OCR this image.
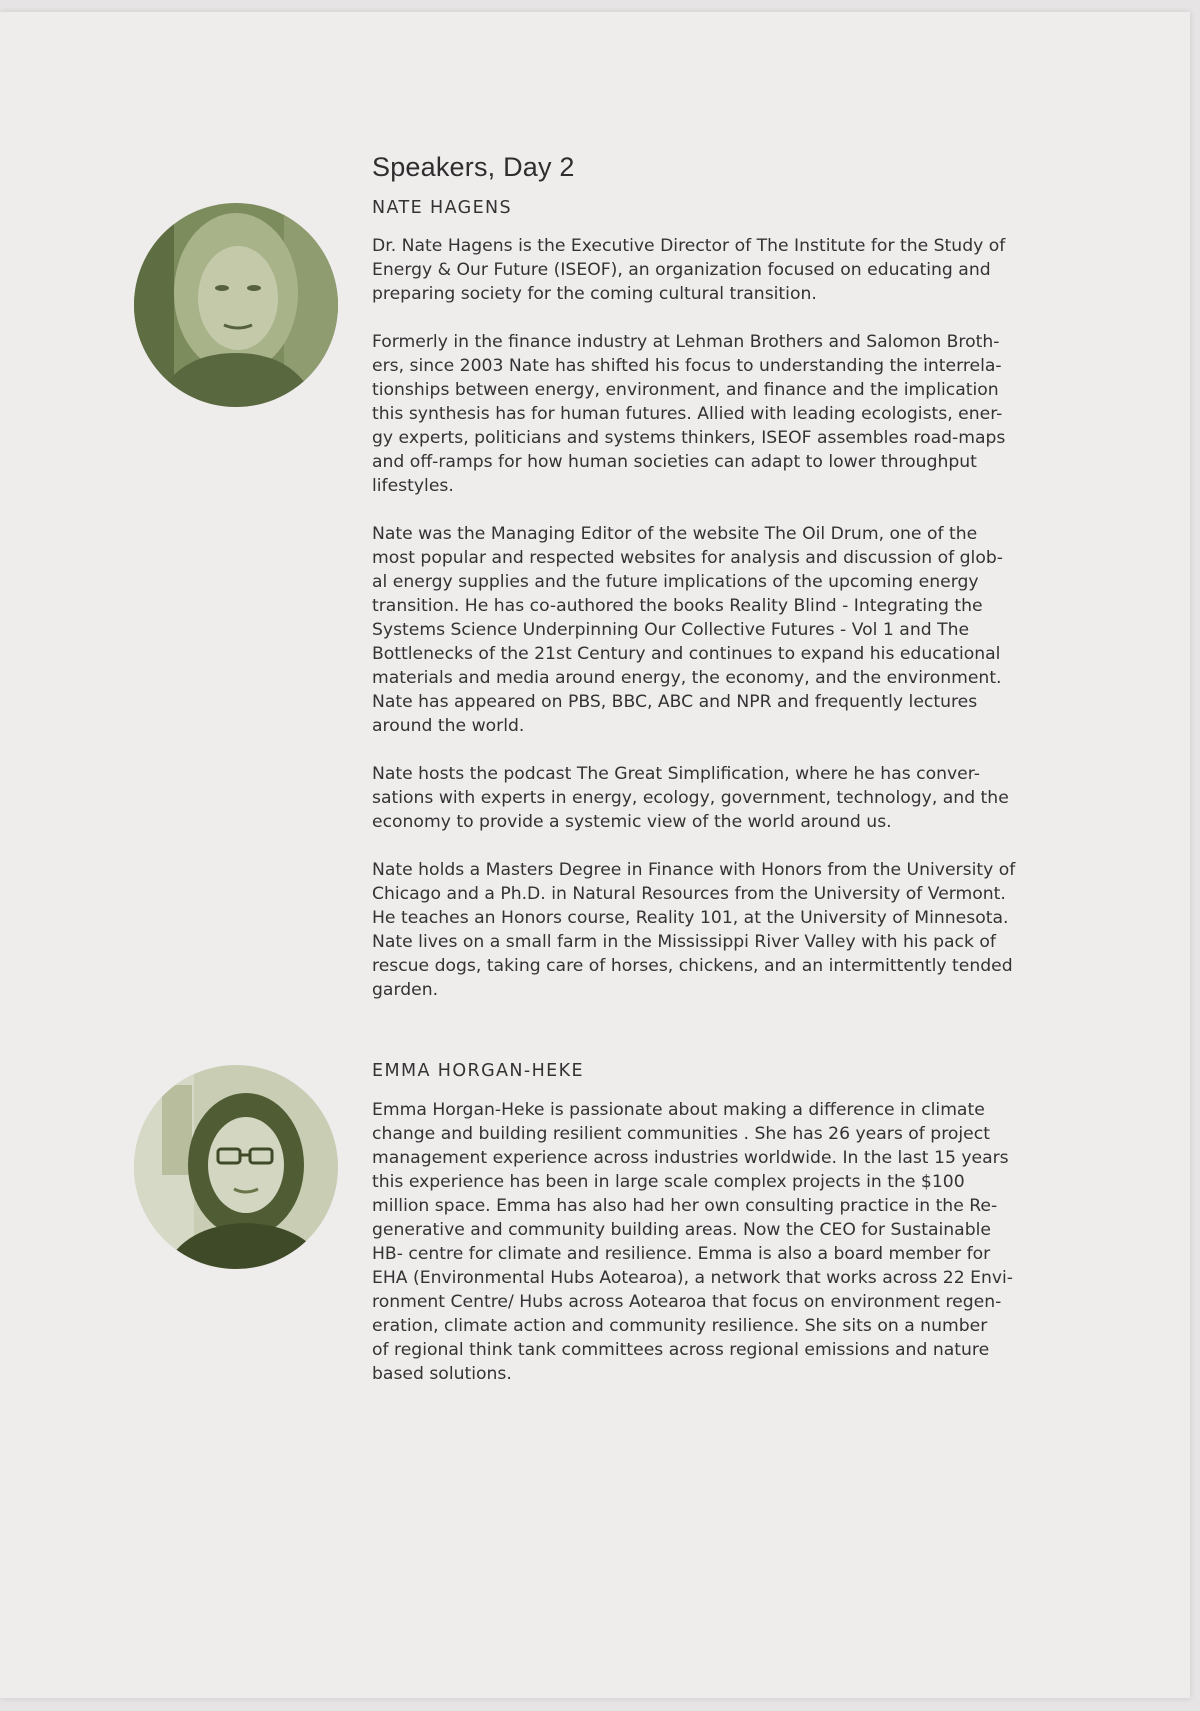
Speakers, Day 2
NATE HAGENS

Dr. Nate Hagens is the Executive Director of The Institute for the Study of
Energy & Our Future (ISEOF), an organization focused on educating and
preparing society for the coming cultural transition.

Formerly in the finance industry at Lehman Brothers and Salomon Broth-
ers, since 2003 Nate has shifted his focus to understanding the interrela-
tionships between energy, environment, and finance and the implication
this synthesis has for human futures. Allied with leading ecologists, ener-
gy experts, politicians and systems thinkers, ISEOF assembles road-maps
and off-ramps for how human societies can adapt to lower throughput
lifestyles.

Nate was the Managing Editor of the website The Oil Drum, one of the
most popular and respected websites for analysis and discussion of glob-
al energy supplies and the future implications of the upcoming energy
transition. He has co-authored the books Reality Blind - Integrating the
Systems Science Underpinning Our Collective Futures - Vol 1 and The
Bottlenecks of the 21st Century and continues to expand his educational
materials and media around energy, the economy, and the environment.
Nate has appeared on PBS, BBC, ABC and NPR and frequently lectures
around the world.

Nate hosts the podcast The Great Simplification, where he has conver-
sations with experts in energy, ecology, government, technology, and the
economy to provide a systemic view of the world around us.

Nate holds a Masters Degree in Finance with Honors from the University of
Chicago and a Ph.D. in Natural Resources from the University of Vermont.
He teaches an Honors course, Reality 101, at the University of Minnesota.
Nate lives on a small farm in the Mississippi River Valley with his pack of
rescue dogs, taking care of horses, chickens, and an intermittently tended
garden.

EMMA HORGAN-HEKE

Emma Horgan-Heke is passionate about making a difference in climate
change and building resilient communities . She has 26 years of project
management experience across industries worldwide. In the last 15 years
this experience has been in large scale complex projects in the $100
million space. Emma has also had her own consulting practice in the Re-
generative and community building areas. Now the CEO for Sustainable
HB- centre for climate and resilience. Emma is also a board member for
EHA (Environmental Hubs Aotearoa), a network that works across 22 Envi-
ronment Centre/ Hubs across Aotearoa that focus on environment regen-
eration, climate action and community resilience. She sits on a number
of regional think tank committees across regional emissions and nature
based solutions.
